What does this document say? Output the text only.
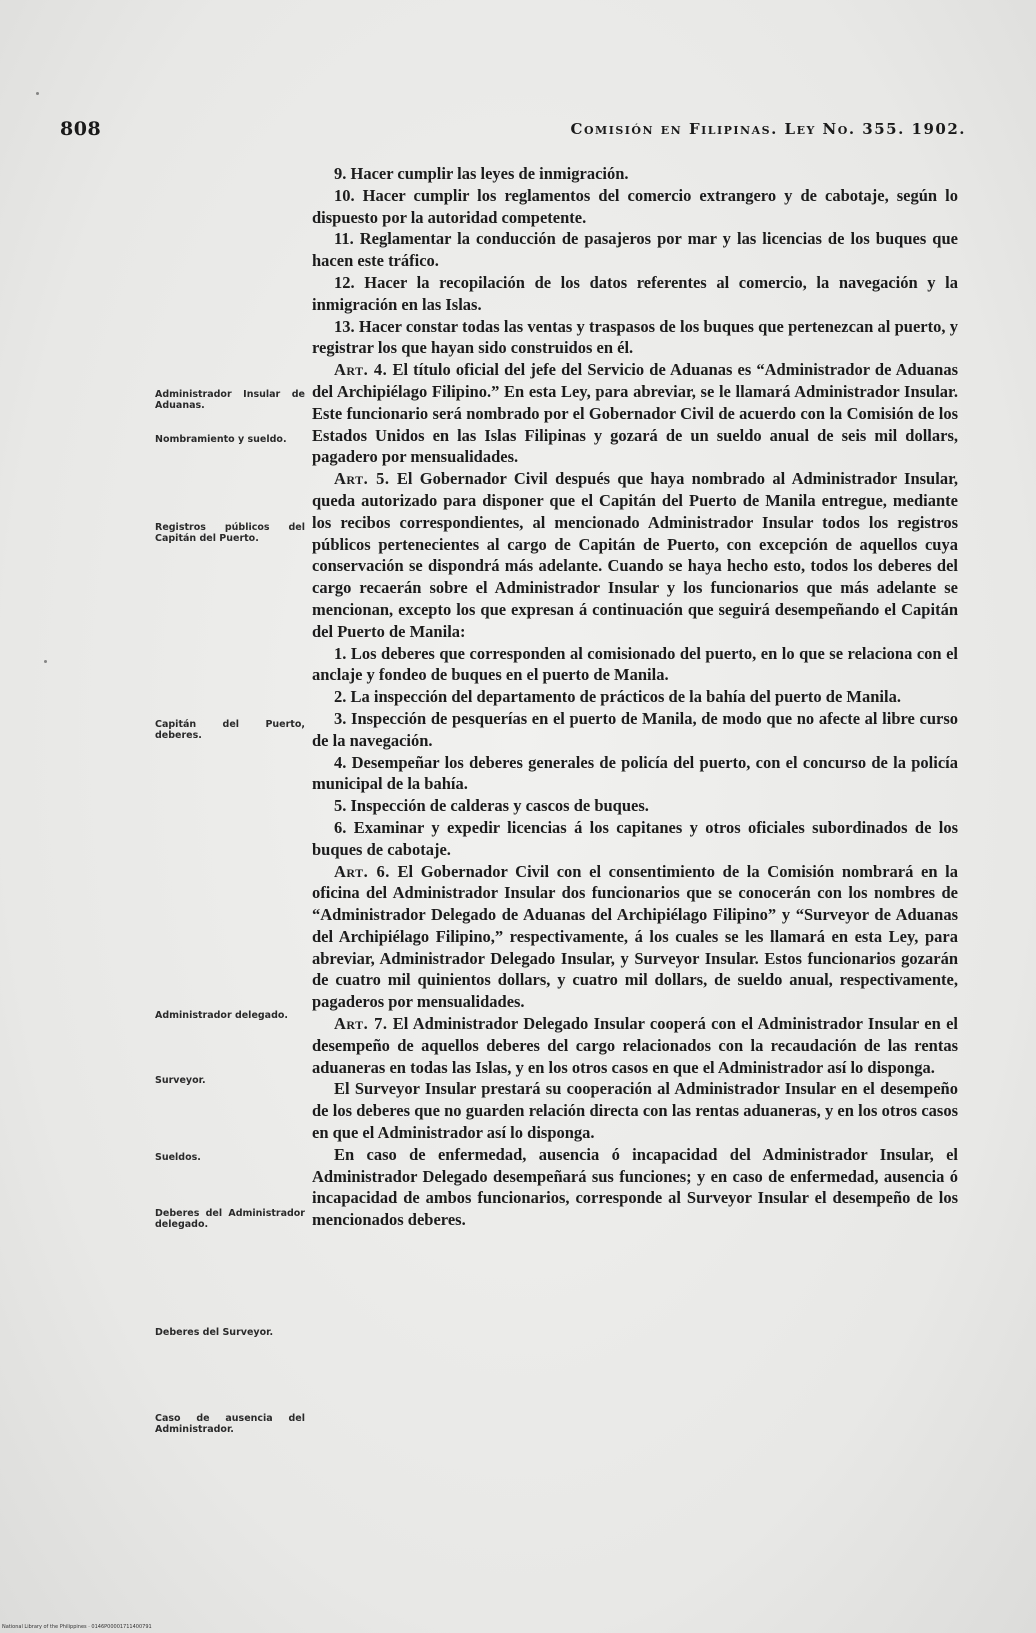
808	Comisión en Filipinas. Ley No. 355. 1902.
Administrador Insular de Aduanas.
Nombramiento y sueldo.
Registros públicos del Capitán del Puerto.
Capitán del Puerto, deberes.
Administrador delegado.
Surveyor.
Sueldos.
Deberes del Administrador delegado.
Deberes del Surveyor.
Caso de ausencia del Administrador.

9. Hacer cumplir las leyes de inmigración.

10. Hacer cumplir los reglamentos del comercio extrangero y de cabotaje, según lo dispuesto por la autoridad competente.

11. Reglamentar la conducción de pasajeros por mar y las licencias de los buques que hacen este tráfico.

12. Hacer la recopilación de los datos referentes al comercio, la navegación y la inmigración en las Islas.

13. Hacer constar todas las ventas y traspasos de los buques que pertenezcan al puerto, y registrar los que hayan sido construidos en él.

Art. 4. El título oficial del jefe del Servicio de Aduanas es “Administrador de Aduanas del Archipiélago Filipino.” En esta Ley, para abreviar, se le llamará Administrador Insular. Este funcionario será nombrado por el Gobernador Civil de acuerdo con la Comisión de los Estados Unidos en las Islas Filipinas y gozará de un sueldo anual de seis mil dollars, pagadero por mensualidades.

Art. 5. El Gobernador Civil después que haya nombrado al Administrador Insular, queda autorizado para disponer que el Capitán del Puerto de Manila entregue, mediante los recibos correspondientes, al mencionado Administrador Insular todos los registros públicos pertenecientes al cargo de Capitán de Puerto, con excepción de aquellos cuya conservación se dispondrá más adelante. Cuando se haya hecho esto, todos los deberes del cargo recaerán sobre el Administrador Insular y los funcionarios que más adelante se mencionan, excepto los que expresan á continuación que seguirá desempeñando el Capitán del Puerto de Manila:

1. Los deberes que corresponden al comisionado del puerto, en lo que se relaciona con el anclaje y fondeo de buques en el puerto de Manila.

2. La inspección del departamento de prácticos de la bahía del puerto de Manila.

3. Inspección de pesquerías en el puerto de Manila, de modo que no afecte al libre curso de la navegación.

4. Desempeñar los deberes generales de policía del puerto, con el concurso de la policía municipal de la bahía.

5. Inspección de calderas y cascos de buques.

6. Examinar y expedir licencias á los capitanes y otros oficiales subordinados de los buques de cabotaje.

Art. 6. El Gobernador Civil con el consentimiento de la Comisión nombrará en la oficina del Administrador Insular dos funcionarios que se conocerán con los nombres de “Administrador Delegado de Aduanas del Archipiélago Filipino” y “Surveyor de Aduanas del Archipiélago Filipino,” respectivamente, á los cuales se les llamará en esta Ley, para abreviar, Administrador Delegado Insular, y Surveyor Insular. Estos funcionarios gozarán de cuatro mil quinientos dollars, y cuatro mil dollars, de sueldo anual, respectivamente, pagaderos por mensualidades.

Art. 7. El Administrador Delegado Insular cooperá con el Administrador Insular en el desempeño de aquellos deberes del cargo relacionados con la recaudación de las rentas aduaneras en todas las Islas, y en los otros casos en que el Administrador así lo disponga.

El Surveyor Insular prestará su cooperación al Administrador Insular en el desempeño de los deberes que no guarden relación directa con las rentas aduaneras, y en los otros casos en que el Administrador así lo disponga.

En caso de enfermedad, ausencia ó incapacidad del Administrador Insular, el Administrador Delegado desempeñará sus funciones; y en caso de enfermedad, ausencia ó incapacidad de ambos funcionarios, corresponde al Surveyor Insular el desempeño de los mencionados deberes.

National Library of the Philippines · 0146P00001711400791
